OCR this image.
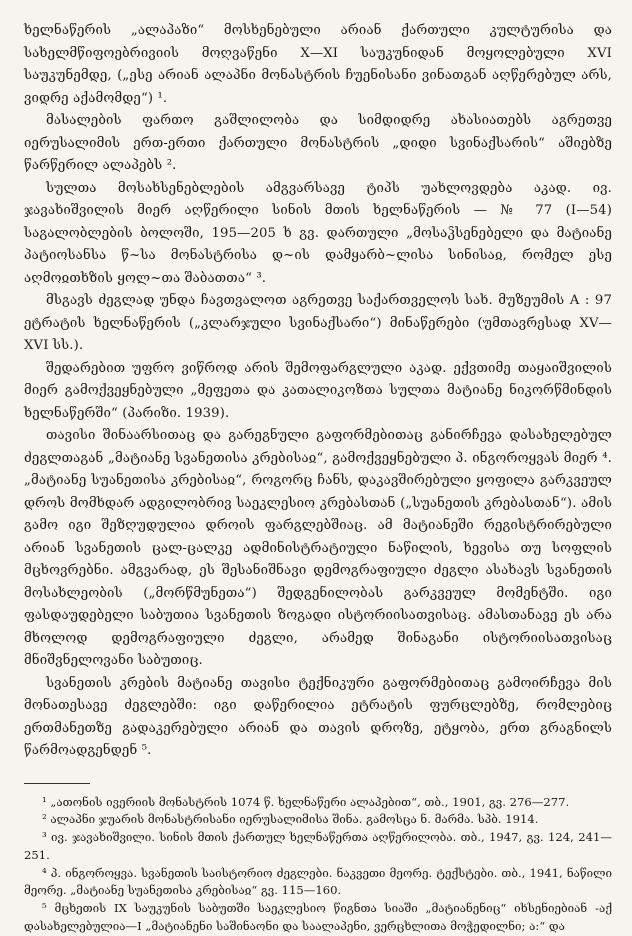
ხელნაწერის „ალაპაზი“ მოსხენებული არიან ქართული კულტურისა და სახელმწიფოებრივიის მოღვაწენი X—XI საუკუნიდან მოყოლებული XVI საუკუნემდე, („ესე არიან ალაპნი მონასტრის ჩუენისანი ვინათგან აღწერებულ არს, ვიდრე აქამომდე“) ¹.

მასალების ფართო გაშლილობა და სიმდიდრე ახასიათებს აგრეთვე იერუსალიმის ერთ-ერთი ქართული მონასტრის „დიდი სვინაქსარის“ აშიებზე წარწერილ ალაპებს ².

სულთა მოსახსენებლების ამგვარსავე ტიპს უახლოვდება აკად. ივ. ჯავახიშვილის მიერ აღწერილი სინის მთის ხელნაწერის — № 77 (I—54) საგალობლების ბოლოში, 195—205 ხ გვ. დართული „მოსაჴსენებელი და მატიანე პატიოსანსა წ~სა მონასტრისა დ~ის დამყარბ~ლისა სინისაჲ, რომელ ესე აღმოჲთხზის ყოლ~თა შაბათთა“ ³.

მსგავს ძეგლად უნდა ჩავთვალოთ აგრეთვე საქართველოს სახ. მუზეუმის A : 97 ეტრატის ხელნაწერის („კლარჯული სვინაქსარი“) მინაწერები (უმთავრესად XV—XVI სს.).

შედარებით უფრო ვიწროდ არის შემოფარგლული აკად. ექვთიმე თაყაიშვილის მიერ გამოქვეყნებული „მეფეთა და კათალიკოზთა სულთა მატიანე ნიკორწმინდის ხელნაწერში“ (პარიზი. 1939).

თავისი შინაარსითაც და გარეგნული გაფორმებითაც განირჩევა დასახელებულ ძეგლთაგან „მატიანე სვანეთისა კრებისაჲ“, გამოქვეყნებული პ. ინგოროყვას მიერ ⁴. „მატიანე სუანეთისა კრებისაჲ“, როგორც ჩანს, დაკავშირებული ყოფილა გარკვეულ დროს მომხდარ ადგილობრივ საეკლესიო კრებასთან („სუანეთის კრებასთან“). ამის გამო იგი შეზღუდულია დროის ფარგლებშიაც. ამ მატიანეში რეგისტრირებული არიან სვანეთის ცალ-ცალკე ადმინისტრატიული ნაწილის, ხევისა თუ სოფლის მცხოვრებნი. ამგვარად, ეს შესანიშნავი დემოგრაფიული ძეგლი ასახავს სვანეთის მოსახლეობის („მორწმუნეთა“) შედგენილობას გარკვეულ მომენტში. იგი ფასდაუდებელი საბუთია სვანეთის ზოგადი ისტორიისათვისაც. ამასთანავე ეს არა მხოლოდ დემოგრაფიული ძეგლი, არამედ შინაგანი ისტორიისათვისაც მნიშვნელოვანი საბუთიც.

სვანეთის კრების მატიანე თავისი ტექნიკური გაფორმებითაც გამოირჩევა მის მონათესავე ძეგლებში: იგი დაწერილია ეტრატის ფურცლებზე, რომლებიც ერთმანეთზე გადაკერებული არიან და თავის დროზე, ეტყობა, ერთ გრაგნილს წარმოადგენდენ ⁵.

¹ „ათონის ივერიის მონასტრის 1074 წ. ხელნაწერი ალაპებით“, თბ., 1901, გვ. 276—277.

² ალაპნი ჯუარის მონასტრისანი იერუსალიმისა შინა. გამოსცა ნ. მარმა. სპბ. 1914.

³ ივ. ჯავახიშვილი. სინის მთის ქართულ ხელნაწერთა აღწერილობა. თბ., 1947, გვ. 124, 241—251.

⁴ პ. ინგოროყვა. სვანეთის საისტორიო ძეგლები. ნაკვეთი მეორე. ტექსტები. თბ., 1941, ნაწილი მეორე. „მატიანე სუანეთისა კრებისაჲ“ გვ. 115—160.

⁵ მცხეთის IX საუკუნის საბუთში საეკლესიო წიგნთა სიაში „მატიანენიც“ იხსენიებიან -აქ დასახელებულია—I „მატიანენი საშინაონი და საალაპენი, ვერცხლითა მოჭედილნი; ა:“ და
